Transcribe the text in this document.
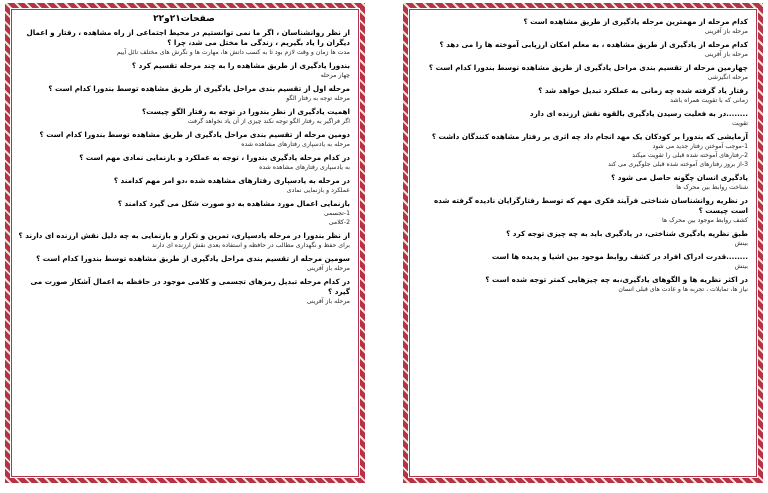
صفحات۲۱و۲۲
از نظر روانشناسان ، اگر ما نمی توانستیم در محیط اجتماعی از راه مشاهده ، رفتار و اعمال دیگران را یاد بگیریم ، زندگی ما مختل می شد، چرا ؟
مدت ها زمان و وقت لازم بود تا به کسب دانش ها، مهارت ها و نگرش های مختلف نائل آییم
بندورا یادگیری از طریق مشاهده را به چند مرحله تقسیم کرد ؟
چهار مرحله
مرحله اول از تقسیم بندی مراحل یادگیری از طریق مشاهده توسط بندورا کدام است ؟
مرحله توجه به رفتار الگو
اهمیت یادگیری از نظر بندورا در توجه به رفتار الگو چیست؟
اگر فراگیر به رفتار الگو توجه نکند چیزی از آن یاد نخواهد گرفت
دومین مرحله از تقسیم بندی مراحل یادگیری از طریق مشاهده توسط بندورا کدام است ؟
مرحله به یادسپاری رفتارهای مشاهده شده
در کدام مرحله یادگیری بندورا ، توجه به عملکرد و بازنمایی نمادی مهم است ؟
به یادسپاری رفتارهای مشاهده شده
در مرحله به یادسپاری رفتارهای مشاهده شده ،دو امر مهم کدامند ؟
عملکرد و بازنمایی نمادی
بازنمایی اعمال مورد مشاهده به دو صورت شکل می گیرد کدامند ؟
1-تجسمی
2-کلامی
از نظر بندورا در مرحله یادسپاری، تمرین و تکرار و بازنمایی به چه دلیل نقش ارزنده ای دارند ؟
برای حفظ و نگهداری مطالب در حافظه و استفاده بعدی نقش ارزنده ای دارند
سومین مرحله از تقسیم بندی مراحل یادگیری از طریق مشاهده توسط بندورا کدام است ؟
مرحله باز آفرینی
در کدام مرحله تبدیل رمزهای تجسمی و کلامی موجود در حافظه به اعمال آشکار صورت می گیرد ؟
مرحله باز آفرینی
کدام مرحله از مهمترین مرحله یادگیری از طریق مشاهده است ؟
مرحله باز آفرینی
کدام مرحله از یادگیری از طریق مشاهده ، به معلم امکان ارزیابی آموخته ها را می دهد ؟
مرحله باز آفرینی
چهارمین مرحله از تقسیم بندی مراحل یادگیری از طریق مشاهده توسط بندورا کدام است ؟
مرحله انگیزشی
رفتار یاد گرفته شده چه زمانی به عملکرد تبدیل خواهد شد ؟
زمانی که با تقویت همراه باشد
........در به فعلیت رسیدن یادگیری بالقوه نقش ارزنده ای دارد
تقویت
آزمایشی که بندورا بر کودکان یک مهد انجام داد چه اثری بر رفتار مشاهده کنندگان داشت ؟
1-موجب آموختن رفتار جدید می شود
2-رفتارهای آموخته شده قبلی را تقویت میکند
3-از بروز رفتارهای آموخته شده قبلی جلوگیری می کند
یادگیری انسان چگونه حاصل می شود ؟
شناخت روابط بین محرک ها
در نظریه روانشناسان شناختی فرآیند فکری مهم که توسط رفتارگرایان نادیده گرفته شده است چیست ؟
کشف روابط موجود بین محرک ها
طبق نظریه یادگیری شناختی، در یادگیری باید به چه چیزی توجه کرد ؟
بینش
........قدرت ادراک افراد در کشف روابط موجود بین اشیا و پدیده ها است
بینش
در اکثر نظریه ها و الگوهای یادگیری،به چه چیزهایی کمتر توجه شده است ؟
نیاز ها، تمایلات ، تجربه ها و عادت های قبلی انسان
